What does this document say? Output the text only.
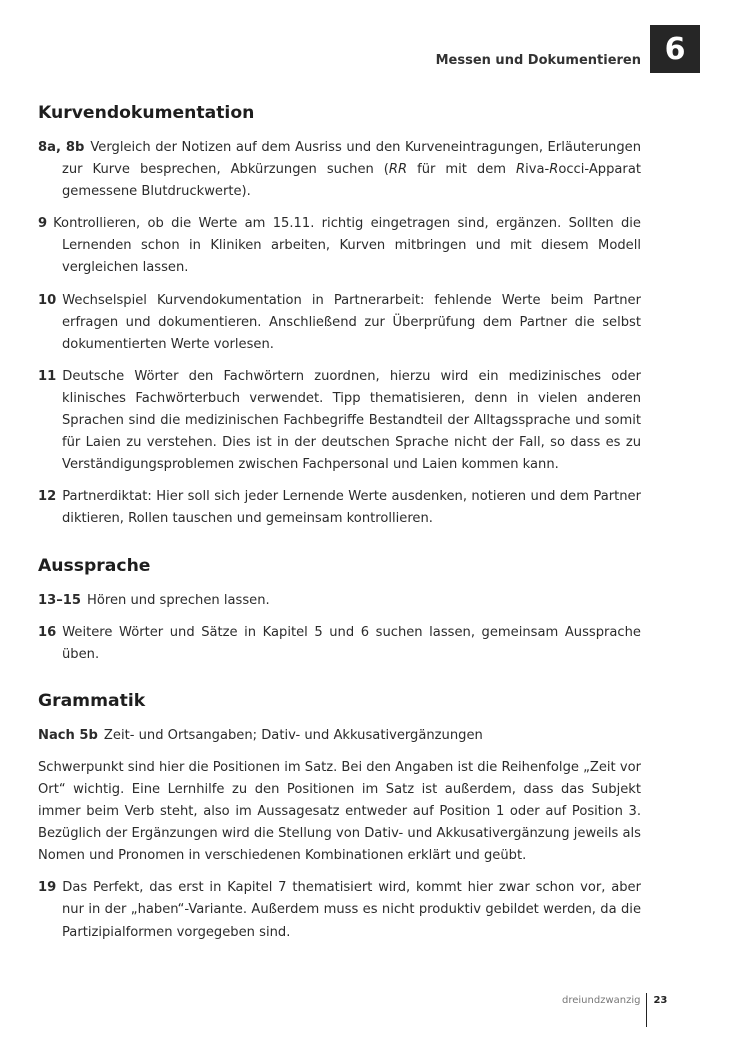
Messen und Dokumentieren 6
Kurvendokumentation

8a, 8b Vergleich der Notizen auf dem Ausriss und den Kurveneintragungen, Erläuterungen zur Kurve besprechen, Abkürzungen suchen (RR für mit dem Riva-Rocci-Apparat gemessene Blutdruckwerte).

9 Kontrollieren, ob die Werte am 15.11. richtig eingetragen sind, ergänzen. Sollten die Lernenden schon in Kliniken arbeiten, Kurven mitbringen und mit diesem Modell vergleichen lassen.

10 Wechselspiel Kurvendokumentation in Partnerarbeit: fehlende Werte beim Partner erfragen und dokumentieren. Anschließend zur Überprüfung dem Partner die selbst dokumentierten Werte vorlesen.

11 Deutsche Wörter den Fachwörtern zuordnen, hierzu wird ein medizinisches oder klinisches Fachwörterbuch verwendet. Tipp thematisieren, denn in vielen anderen Sprachen sind die medizinischen Fachbegriffe Bestandteil der Alltagssprache und somit für Laien zu verstehen. Dies ist in der deutschen Sprache nicht der Fall, so dass es zu Verständigungsproblemen zwischen Fachpersonal und Laien kommen kann.

12 Partnerdiktat: Hier soll sich jeder Lernende Werte ausdenken, notieren und dem Partner diktieren, Rollen tauschen und gemeinsam kontrollieren.

Aussprache

13–15 Hören und sprechen lassen.

16 Weitere Wörter und Sätze in Kapitel 5 und 6 suchen lassen, gemeinsam Aussprache üben.

Grammatik

Nach 5b Zeit- und Ortsangaben; Dativ- und Akkusativergänzungen

Schwerpunkt sind hier die Positionen im Satz. Bei den Angaben ist die Reihenfolge „Zeit vor Ort“ wichtig. Eine Lernhilfe zu den Positionen im Satz ist außerdem, dass das Subjekt immer beim Verb steht, also im Aussagesatz entweder auf Position 1 oder auf Position 3. Bezüglich der Ergänzungen wird die Stellung von Dativ- und Akkusativergänzung jeweils als Nomen und Pronomen in verschiedenen Kombinationen erklärt und geübt.

19 Das Perfekt, das erst in Kapitel 7 thematisiert wird, kommt hier zwar schon vor, aber nur in der „haben“-Variante. Außerdem muss es nicht produktiv gebildet werden, da die Partizipialformen vorgegeben sind.

dreiundzwanzig	23
